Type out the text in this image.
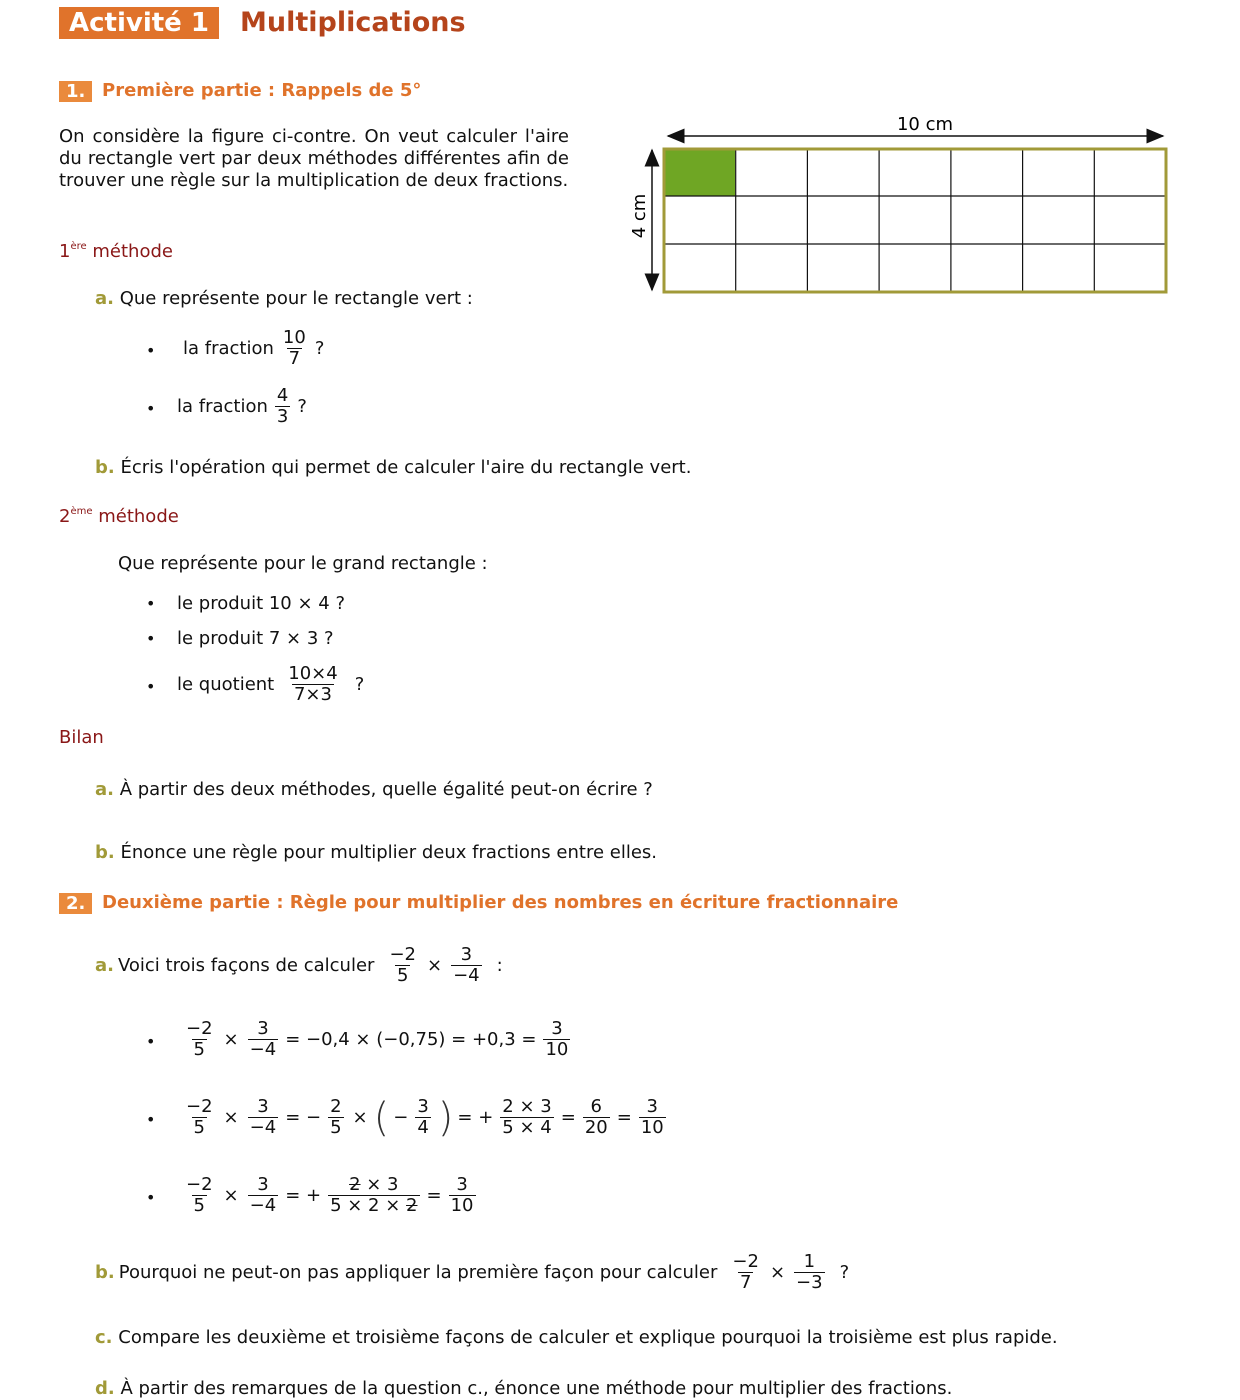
Activité 1	Multiplications
1. Première partie : Rappels de 5°
On considère la figure ci-contre. On veut calculer l'aire du rectangle vert par deux méthodes différentes afin de trouver une règle sur la multiplication de deux fractions.
10 cm
4 cm
1ère méthode
a. Que représente pour le rectangle vert :
• la fraction $\frac{10}{7}$ ?
• la fraction $\frac{4}{3}$ ?
b. Écris l'opération qui permet de calculer l'aire du rectangle vert.
2ème méthode
Que représente pour le grand rectangle :
• le produit 10 × 4 ?
• le produit 7 × 3 ?
• le quotient $\frac{10\times 4}{7\times 3}$ ?
Bilan
a. À partir des deux méthodes, quelle égalité peut-on écrire ?
b. Énonce une règle pour multiplier deux fractions entre elles.
2. Deuxième partie : Règle pour multiplier des nombres en écriture fractionnaire
a. Voici trois façons de calculer $\frac{-2}{5} \times \frac{3}{-4}$ :
• $\frac{-2}{5} \times \frac{3}{-4} = -0,4 \times (-0,75) = +0,3 = \frac{3}{10}$
• $\frac{-2}{5} \times \frac{3}{-4}$ = − $\frac{2}{5}$ × ( − $\frac{3}{4}$ ) = + $\frac{2 \times 3}{5 \times 4} = \frac{6}{20} = \frac{3}{10}$
• $\frac{-2}{5} \times \frac{3}{-4}$ = + $\frac{2 \times 3}{5 \times 2 \times 2} = \frac{3}{10}$
b. Pourquoi ne peut-on pas appliquer la première façon pour calculer $\frac{-2}{7} \times \frac{1}{-3}$ ?
c. Compare les deuxième et troisième façons de calculer et explique pourquoi la troisième est plus rapide.
d. À partir des remarques de la question c., énonce une méthode pour multiplier des fractions.
